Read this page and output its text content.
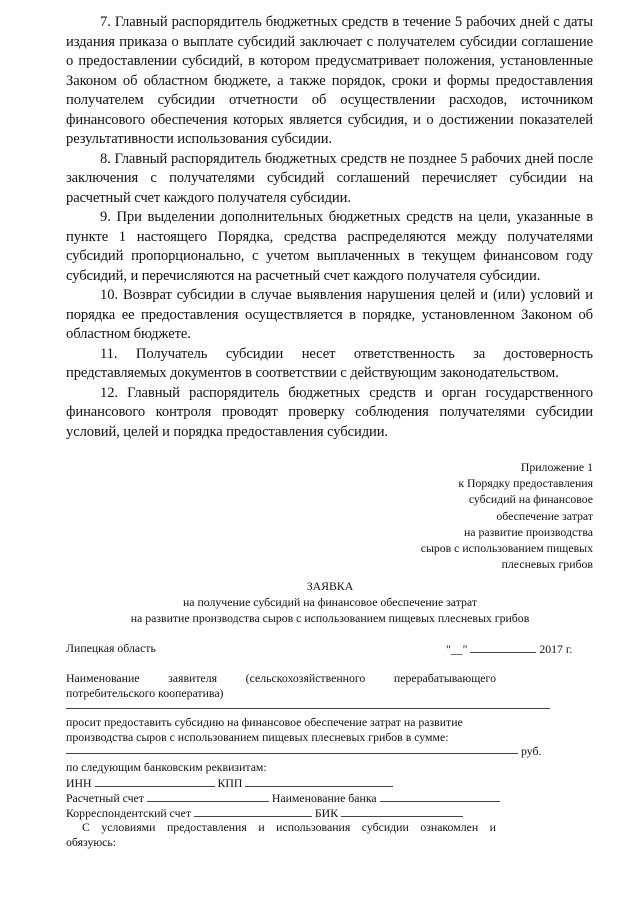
7. Главный распорядитель бюджетных средств в течение 5 рабочих дней с даты издания приказа о выплате субсидий заключает с получателем субсидии соглашение о предоставлении субсидий, в котором предусматривает положения, установленные Законом об областном бюджете, а также порядок, сроки и формы предоставления получателем субсидии отчетности об осуществлении расходов, источником финансового обеспечения которых является субсидия, и о достижении показателей результативности использования субсидии.

8. Главный распорядитель бюджетных средств не позднее 5 рабочих дней после заключения с получателями субсидий соглашений перечисляет субсидии на расчетный счет каждого получателя субсидии.

9. При выделении дополнительных бюджетных средств на цели, указанные в пункте 1 настоящего Порядка, средства распределяются между получателями субсидий пропорционально, с учетом выплаченных в текущем финансовом году субсидий, и перечисляются на расчетный счет каждого получателя субсидии.

10. Возврат субсидии в случае выявления нарушения целей и (или) условий и порядка ее предоставления осуществляется в порядке, установленном Законом об областном бюджете.

11. Получатель субсидии несет ответственность за достоверность представляемых документов в соответствии с действующим законодательством.

12. Главный распорядитель бюджетных средств и орган государственного финансового контроля проводят проверку соблюдения получателями субсидии условий, целей и порядка предоставления субсидии.

Приложение 1
к Порядку предоставления
субсидий на финансовое
обеспечение затрат
на развитие производства
сыров с использованием пищевых
плесневых грибов
ЗАЯВКА
на получение субсидий на финансовое обеспечение затрат
на развитие производства сыров с использованием пищевых плесневых грибов
Липецкая область	"__"	2017 г.
Наименование заявителя (сельскохозяйственного перерабатывающего
потребительского кооператива)
просит предоставить субсидию на финансовое обеспечение затрат на развитие
производства сыров с использованием пищевых плесневых грибов в сумме:
руб.
по следующим банковским реквизитам:
ИНН	КПП
Расчетный счет	Наименование банка
Корреспондентский счет	БИК
С условиями предоставления и использования субсидии ознакомлен и
обязуюсь:
